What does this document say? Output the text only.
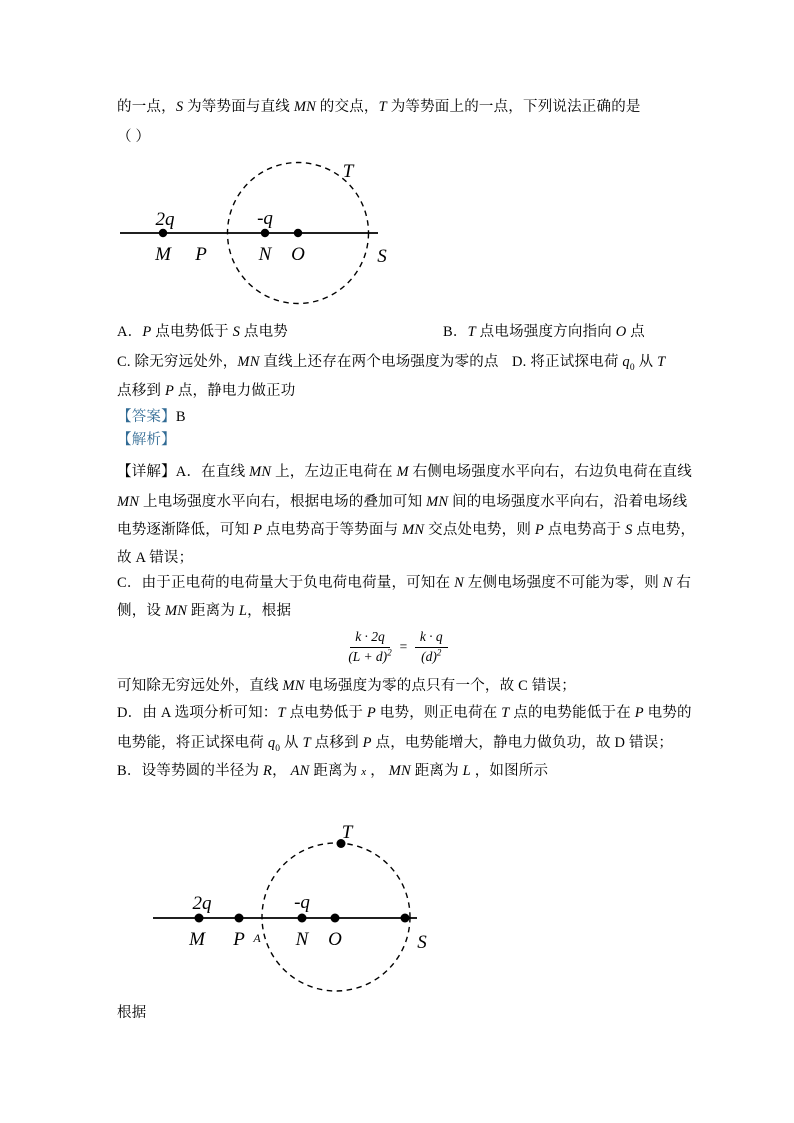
的一点，S 为等势面与直线 MN 的交点，T 为等势面上的一点，下列说法正确的是
（ ）
2q	-q
M P	N O	S
T
A．P 点电势低于 S 点电势	B．T 点电场强度方向指向 O 点
C. 除无穷远处外，MN 直线上还存在两个电场强度为零的点 D. 将正试探电荷 $q_0$ 从 T
点移到 P 点，静电力做正功
【答案】B
【解析】
【详解】A．在直线 MN 上，左边正电荷在 M 右侧电场强度水平向右，右边负电荷在直线
MN 上电场强度水平向右，根据电场的叠加可知 MN 间的电场强度水平向右，沿着电场线
电势逐渐降低，可知 P 点电势高于等势面与 MN 交点处电势，则 P 点电势高于 S 点电势，
故 A 错误；
C．由于正电荷的电荷量大于负电荷电荷量，可知在 N 左侧电场强度不可能为零，则 N 右
侧，设 MN 距离为 L，根据
$\frac{k \cdot 2q}{(L + d)^2} = \frac{k \cdot q}{(d)^2}$
可知除无穷远处外，直线 MN 电场强度为零的点只有一个，故 C 错误；
D．由 A 选项分析可知：T 点电势低于 P 电势，则正电荷在 T 点的电势能低于在 P 电势的
电势能，将正试探电荷 $q_0$ 从 T 点移到 P 点，电势能增大，静电力做负功，故 D 错误；
B．设等势圆的半径为 R， AN 距离为 x ， MN 距离为 L ，如图所示
2q	-q
M P A N O	S
T
根据
